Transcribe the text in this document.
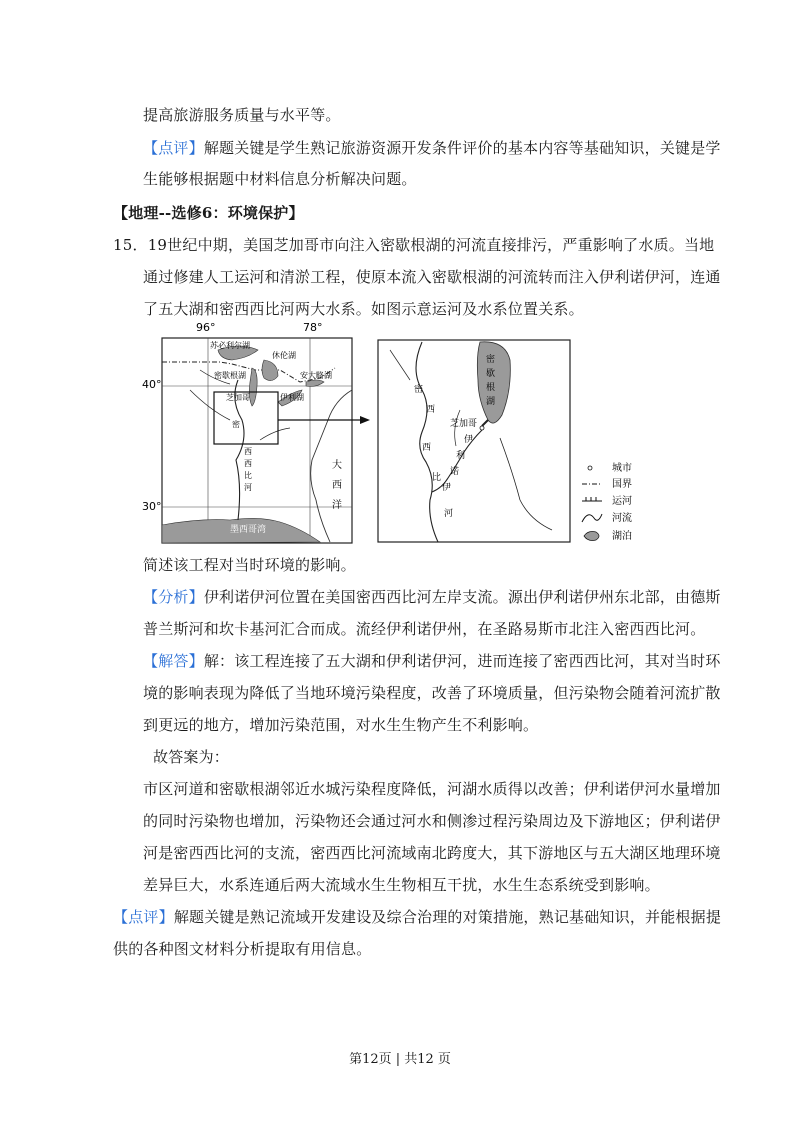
提高旅游服务质量与水平等。
【点评】解题关键是学生熟记旅游资源开发条件评价的基本内容等基础知识，关键是学
生能够根据题中材料信息分析解决问题。
【地理--选修6：环境保护】
15．19世纪中期，美国芝加哥市向注入密歇根湖的河流直接排污，严重影响了水质。当地
通过修建人工运河和清淤工程，使原本流入密歇根湖的河流转而注入伊利诺伊河，连通
了五大湖和密西西比河两大水系。如图示意运河及水系位置关系。
96°	78°
40°
30°
苏必利尔湖
休伦湖
密歇根湖
芝加哥	伊利湖
安大略湖
密
西
西
比
河
墨西哥湾
大
西
洋
密
歇
根
湖
芝加哥
密
西
西
比
伊
利
诺
伊
河
城市
国界
运河
河流
湖泊
简述该工程对当时环境的影响。
【分析】伊利诺伊河位置在美国密西西比河左岸支流。源出伊利诺伊州东北部，由德斯
普兰斯河和坎卡基河汇合而成。流经伊利诺伊州，在圣路易斯市北注入密西西比河。
【解答】解：该工程连接了五大湖和伊利诺伊河，进而连接了密西西比河，其对当时环
境的影响表现为降低了当地环境污染程度，改善了环境质量，但污染物会随着河流扩散
到更远的地方，增加污染范围，对水生生物产生不利影响。
故答案为：
市区河道和密歇根湖邻近水城污染程度降低，河湖水质得以改善；伊利诺伊河水量增加
的同时污染物也增加，污染物还会通过河水和侧渗过程污染周边及下游地区；伊利诺伊
河是密西西比河的支流，密西西比河流域南北跨度大，其下游地区与五大湖区地理环境
差异巨大，水系连通后两大流域水生生物相互干扰，水生生态系统受到影响。
【点评】解题关键是熟记流域开发建设及综合治理的对策措施，熟记基础知识，并能根据提
供的各种图文材料分析提取有用信息。
第12页 | 共12 页
